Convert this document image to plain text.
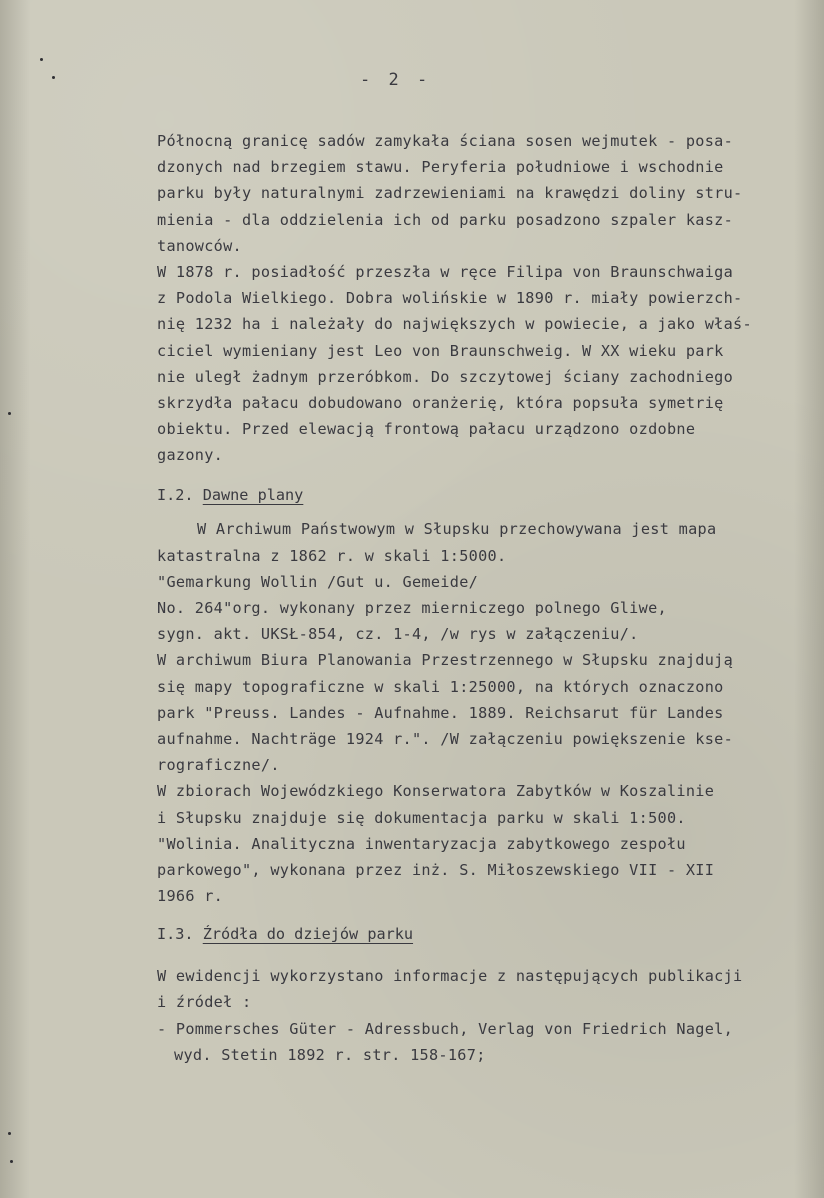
- 2 -
Północną granicę sadów zamykała ściana sosen wejmutek - posa-
dzonych nad brzegiem stawu. Peryferia południowe i wschodnie
parku były naturalnymi zadrzewieniami na krawędzi doliny stru-
mienia - dla oddzielenia ich od parku posadzono szpaler kasz-
tanowców.
W 1878 r. posiadłość przeszła w ręce Filipa von Braunschwaiga
z Podola Wielkiego. Dobra wolińskie w 1890 r. miały powierzch-
nię 1232 ha i należały do największych w powiecie, a jako właś-
ciciel wymieniany jest Leo von Braunschweig. W XX wieku park
nie uległ żadnym przeróbkom. Do szczytowej ściany zachodniego
skrzydła pałacu dobudowano oranżerię, która popsuła symetrię
obiektu. Przed elewacją frontową pałacu urządzono ozdobne
gazony.
I.2. Dawne plany
W Archiwum Państwowym w Słupsku przechowywana jest mapa
katastralna z 1862 r. w skali 1:5000.
"Gemarkung Wollin /Gut u. Gemeide/
No. 264"org. wykonany przez mierniczego polnego Gliwe,
sygn. akt. UKSŁ-854, cz. 1-4, /w rys w załączeniu/.
W archiwum Biura Planowania Przestrzennego w Słupsku znajdują
się mapy topograficzne w skali 1:25000, na których oznaczono
park "Preuss. Landes - Aufnahme. 1889. Reichsarut für Landes
aufnahme. Nachträge 1924 r.". /W załączeniu powiększenie kse-
rograficzne/.
W zbiorach Wojewódzkiego Konserwatora Zabytków w Koszalinie
i Słupsku znajduje się dokumentacja parku w skali 1:500.
"Wolinia. Analityczna inwentaryzacja zabytkowego zespołu
parkowego", wykonana przez inż. S. Miłoszewskiego VII - XII
1966 r.
I.3. Źródła do dziejów parku
W ewidencji wykorzystano informacje z następujących publikacji
i źródeł :
- Pommersches Güter - Adressbuch, Verlag von Friedrich Nagel,
wyd. Stetin 1892 r. str. 158-167;
